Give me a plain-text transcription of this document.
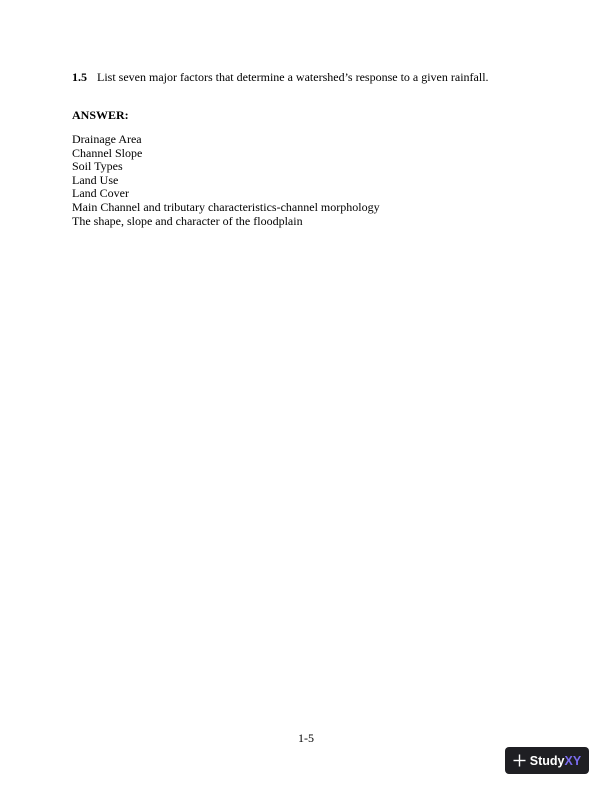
1.5 List seven major factors that determine a watershed’s response to a given rainfall.
ANSWER:
Drainage Area
Channel Slope
Soil Types
Land Use
Land Cover
Main Channel and tributary characteristics-channel morphology
The shape, slope and character of the floodplain
1-5
Study XY
